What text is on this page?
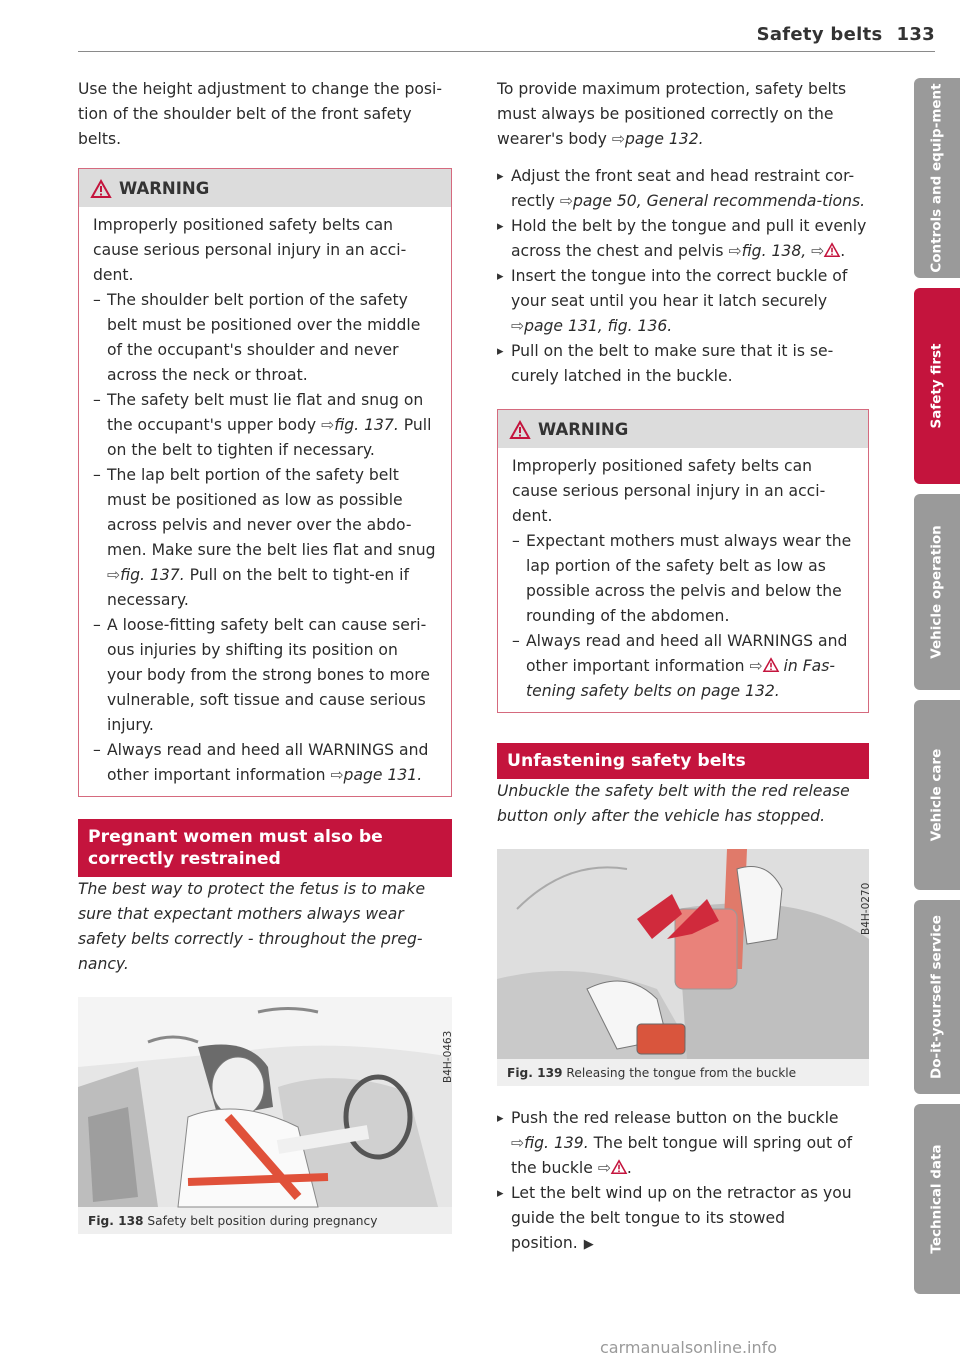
Safety belts 133

Use the height adjustment to change the posi-tion of the shoulder belt of the front safety belts.

WARNING

Improperly positioned safety belts can cause serious personal injury in an acci-dent.

– The shoulder belt portion of the safety belt must be positioned over the middle of the occupant's shoulder and never across the neck or throat.

– The safety belt must lie flat and snug on the occupant's upper body ⇨fig. 137. Pull on the belt to tighten if necessary.

– The lap belt portion of the safety belt must be positioned as low as possible across pelvis and never over the abdo-men. Make sure the belt lies flat and snug ⇨fig. 137. Pull on the belt to tight-en if necessary.

– A loose-fitting safety belt can cause seri-ous injuries by shifting its position on your body from the strong bones to more vulnerable, soft tissue and cause serious injury.

– Always read and heed all WARNINGS and other important information ⇨page 131.

Pregnant women must also be correctly restrained

The best way to protect the fetus is to make sure that expectant mothers always wear safety belts correctly - throughout the preg-nancy.

B4H-0463
Fig. 138 Safety belt position during pregnancy

To provide maximum protection, safety belts must always be positioned correctly on the wearer's body ⇨page 132.

▸ Adjust the front seat and head restraint cor-rectly ⇨page 50, General recommenda-tions.

▸ Hold the belt by the tongue and pull it evenly across the chest and pelvis ⇨fig. 138, ⇨ .

▸ Insert the tongue into the correct buckle of your seat until you hear it latch securely ⇨page 131, fig. 136.

▸ Pull on the belt to make sure that it is se-curely latched in the buckle.

WARNING

Improperly positioned safety belts can cause serious personal injury in an acci-dent.

– Expectant mothers must always wear the lap portion of the safety belt as low as possible across the pelvis and below the rounding of the abdomen.

– Always read and heed all WARNINGS and other important information ⇨ in Fas-tening safety belts on page 132.

Unfastening safety belts

Unbuckle the safety belt with the red release button only after the vehicle has stopped.

B4H-0270
Fig. 139 Releasing the tongue from the buckle

▸ Push the red release button on the buckle ⇨fig. 139. The belt tongue will spring out of the buckle ⇨ .

▸ Let the belt wind up on the retractor as you guide the belt tongue to its stowed position. ▶

Controls and equip-ment
Safety first
Vehicle operation
Vehicle care
Do-it-yourself service
Technical data
carmanualsonline.info
